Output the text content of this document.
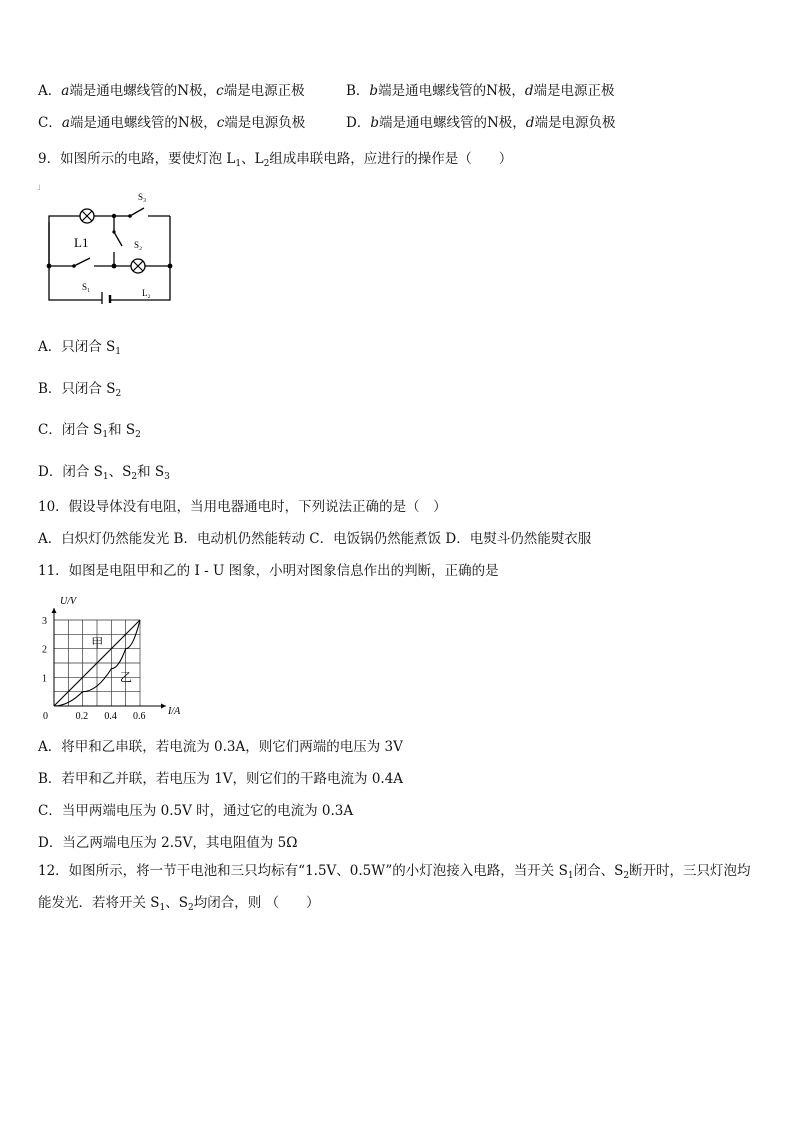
A．a端是通电螺线管的N极，c端是电源正极	B．b端是通电螺线管的N极，d端是电源正极
C．a端是通电螺线管的N极，c端是电源负极	D．b端是通电螺线管的N极，d端是电源负极
9．如图所示的电路，要使灯泡 $L_1$、$L_2$组成串联电路，应进行的操作是（　　）
」
S₃
L1	S₂
S₁
L₂
A．只闭合 $S_1$
B．只闭合 $S_2$
C．闭合 $S_1$和 $S_2$
D．闭合 $S_1$、$S_2$和 $S_3$
10．假设导体没有电阻，当用电器通电时，下列说法正确的是（　）
A．白炽灯仍然能发光 B．电动机仍然能转动 C．电饭锅仍然能煮饭 D．电熨斗仍然能熨衣服
11．如图是电阻甲和乙的 I - U 图象，小明对图象信息作出的判断，正确的是
0.2 0.4 0.6
1
2
3
U/V
I/A
0
甲
乙
A．将甲和乙串联，若电流为 0.3A，则它们两端的电压为 3V
B．若甲和乙并联，若电压为 1V，则它们的干路电流为 0.4A
C．当甲两端电压为 0.5V 时，通过它的电流为 0.3A
D．当乙两端电压为 2.5V，其电阻值为 5Ω
12．如图所示，将一节干电池和三只均标有“1.5V、0.5W”的小灯泡接入电路，当开关 $S_1$闭合、$S_2$断开时，三只灯泡均
能发光．若将开关 $S_1$、$S_2$均闭合，则 （　　）
